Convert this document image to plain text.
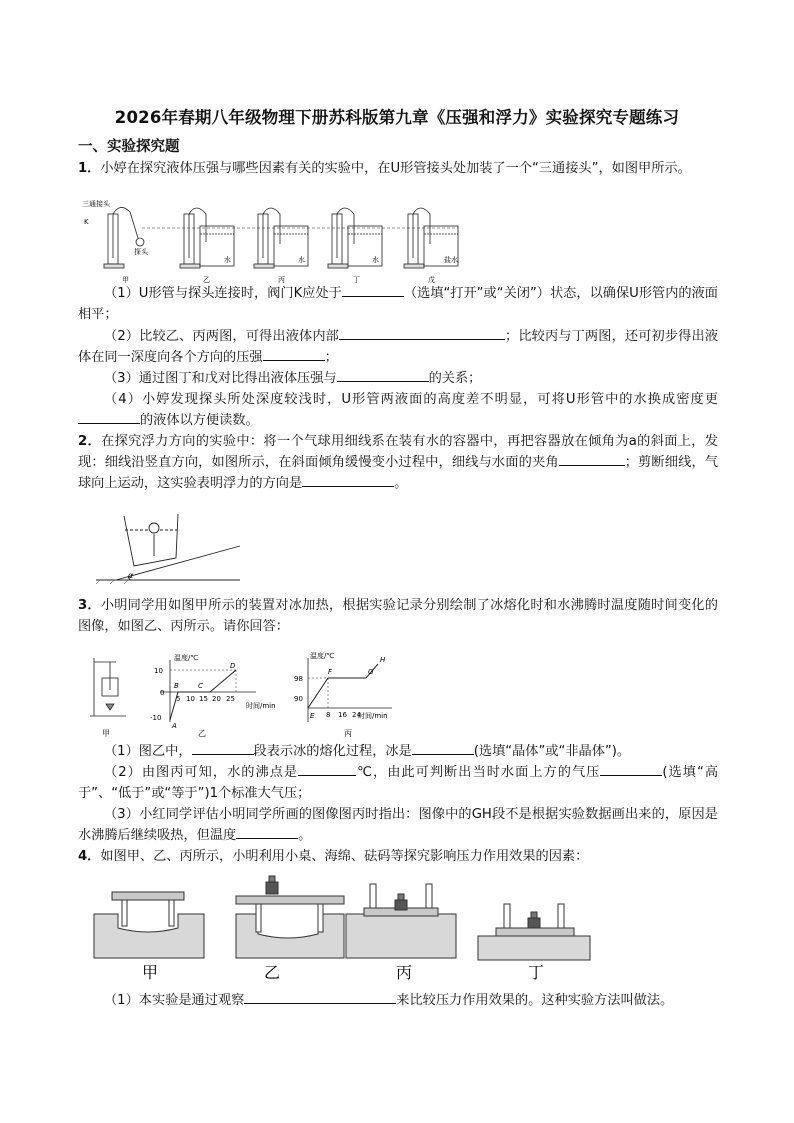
2026年春期八年级物理下册苏科版第九章《压强和浮力》实验探究专题练习
一、实验探究题
1．小婷在探究液体压强与哪些因素有关的实验中，在U形管接头处加装了一个“三通接头”，如图甲所示。
三通接头
K
探头
水	水	水	盐水
甲	乙	丙	丁	戊
（1）U形管与探头连接时，阀门K应处于	（选填“打开”或“关闭”）状态，以确保U形管内的液面相平；
（2）比较乙、丙两图，可得出液体内部	；比较丙与丁两图，还可初步得出液体在同一深度向各个方向的压强	；
（3）通过图丁和戊对比得出液体压强与	的关系；
（4）小婷发现探头所处深度较浅时，U形管两液面的高度差不明显，可将U形管中的水换成密度更的液体以方便读数。
2．在探究浮力方向的实验中：将一个气球用细线系在装有水的容器中，再把容器放在倾角为a的斜面上，发现：细线沿竖直方向，如图所示，在斜面倾角缓慢变小过程中，细线与水面的夹角	；剪断细线，气球向上运动，这实验表明浮力的方向是	。
α
3．小明同学用如图甲所示的装置对冰加热，根据实验记录分别绘制了冰熔化时和水沸腾时温度随时间变化的图像，如图乙、丙所示。请你回答：
甲
温度/℃
时间/min
10
0
-10
5 10 15 20 25
A
B	C
D
乙
温度/℃
时间/min
98
90
8 16 24
E
F	G
H
丙
（1）图乙中，	段表示冰的熔化过程，冰是	(选填“晶体”或“非晶体”)。
（2）由图丙可知，水的沸点是	℃，由此可判断出当时水面上方的气压	(选填“高于”、“低于”或“等于”)1个标准大气压；
（3）小红同学评估小明同学所画的图像图丙时指出：图像中的GH段不是根据实验数据画出来的，原因是水沸腾后继续吸热，但温度	。
4．如图甲、乙、丙所示，小明利用小桌、海绵、砝码等探究影响压力作用效果的因素：
甲	乙	丙	丁
（1）本实验是通过观察	来比较压力作用效果的。这种实验方法叫做法。
